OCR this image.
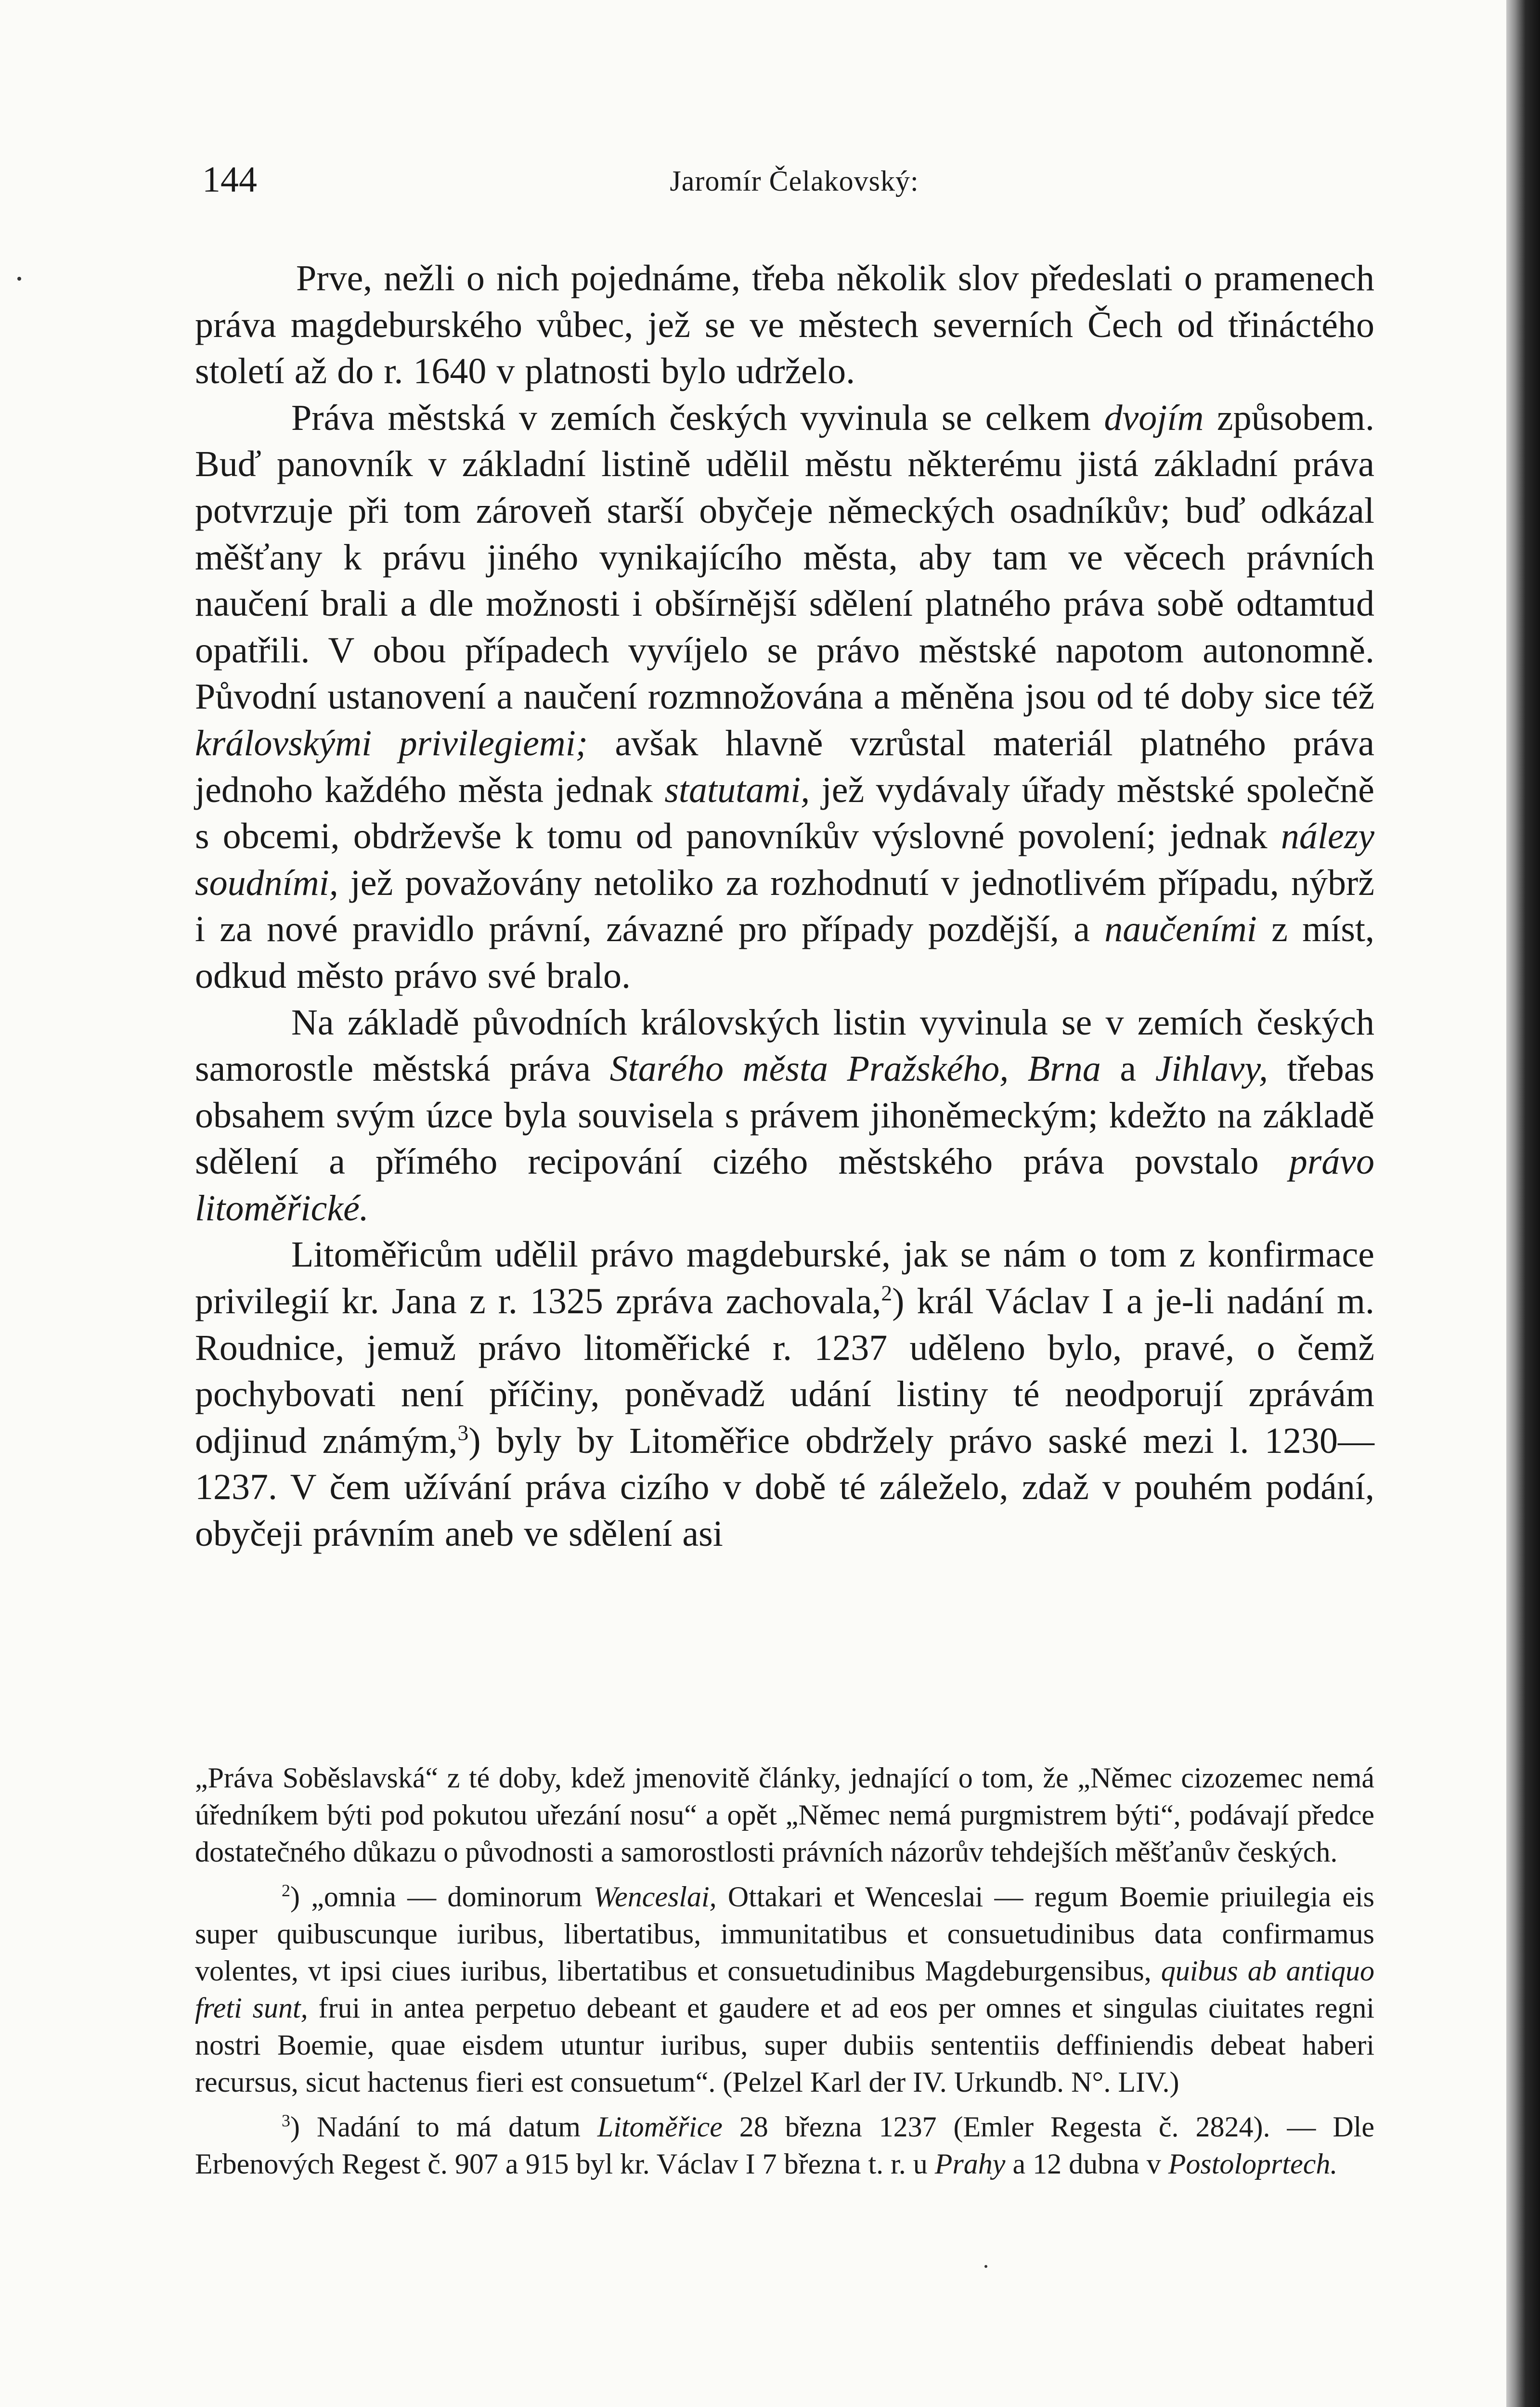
144	Jaromír Čelakovský:

Prve, nežli o nich pojednáme, třeba několik slov předeslati o pramenech práva magdeburského vůbec, jež se ve městech severních Čech od třináctého století až do r. 1640 v platnosti bylo udrželo.

Práva městská v zemích českých vyvinula se celkem dvojím způsobem. Buď panovník v základní listině udělil městu některému jistá základní práva potvrzuje při tom zároveň starší obyčeje německých osadníkův; buď odkázal měšťany k právu jiného vynikajícího města, aby tam ve věcech právních naučení brali a dle možnosti i obšírnější sdělení platného práva sobě odtamtud opatřili. V obou případech vyvíjelo se právo městské napotom autonomně. Původní ustanovení a naučení rozmnožována a měněna jsou od té doby sice též královskými privilegiemi; avšak hlavně vzrůstal materiál platného práva jednoho každého města jednak statutami, jež vydávaly úřady městské společně s obcemi, obdrževše k tomu od panovníkův výslovné povolení; jednak nálezy soudními, jež považovány netoliko za rozhodnutí v jednotlivém případu, nýbrž i za nové pravidlo právní, závazné pro případy pozdější, a naučeními z míst, odkud město právo své bralo.

Na základě původních královských listin vyvinula se v zemích českých samorostle městská práva Starého města Pražského, Brna a Jihlavy, třebas obsahem svým úzce byla souvisela s právem jihoněmeckým; kdežto na základě sdělení a přímého recipování cizého městského práva povstalo právo litoměřické.

Litoměřicům udělil právo magdeburské, jak se nám o tom z konfirmace privilegií kr. Jana z r. 1325 zpráva zachovala,$^2$) král Václav I a je-li nadání m. Roudnice, jemuž právo litoměřické r. 1237 uděleno bylo, pravé, o čemž pochybovati není příčiny, poněvadž udání listiny té neodporují zprávám odjinud známým,$^3$) byly by Litoměřice obdržely právo saské mezi l. 1230—1237. V čem užívání práva cizího v době té záleželo, zdaž v pouhém podání, obyčeji právním aneb ve sdělení asi

„Práva Soběslavská“ z té doby, kdež jmenovitě články, jednající o tom, že „Němec cizozemec nemá úředníkem býti pod pokutou uřezání nosu“ a opět „Němec nemá purgmistrem býti“, podávají předce dostatečného důkazu o původnosti a samorostlosti právních názorův tehdejších měšťanův českých.

$^2$) „omnia — dominorum Wenceslai, Ottakari et Wenceslai — regum Boemie priuilegia eis super quibuscunque iuribus, libertatibus, immunitatibus et consuetudinibus data confirmamus volentes, vt ipsi ciues iuribus, libertatibus et consuetudinibus Magdeburgensibus, quibus ab antiquo freti sunt, frui in antea perpetuo debeant et gaudere et ad eos per omnes et singulas ciuitates regni nostri Boemie, quae eisdem utuntur iuribus, super dubiis sententiis deffiniendis debeat haberi recursus, sicut hactenus fieri est consuetum“. (Pelzel Karl der IV. Urkundb. N°. LIV.)

$^3$) Nadání to má datum Litoměřice 28 března 1237 (Emler Regesta č. 2824). — Dle Erbenových Regest č. 907 a 915 byl kr. Václav I 7 března t. r. u Prahy a 12 dubna v Postoloprtech.
